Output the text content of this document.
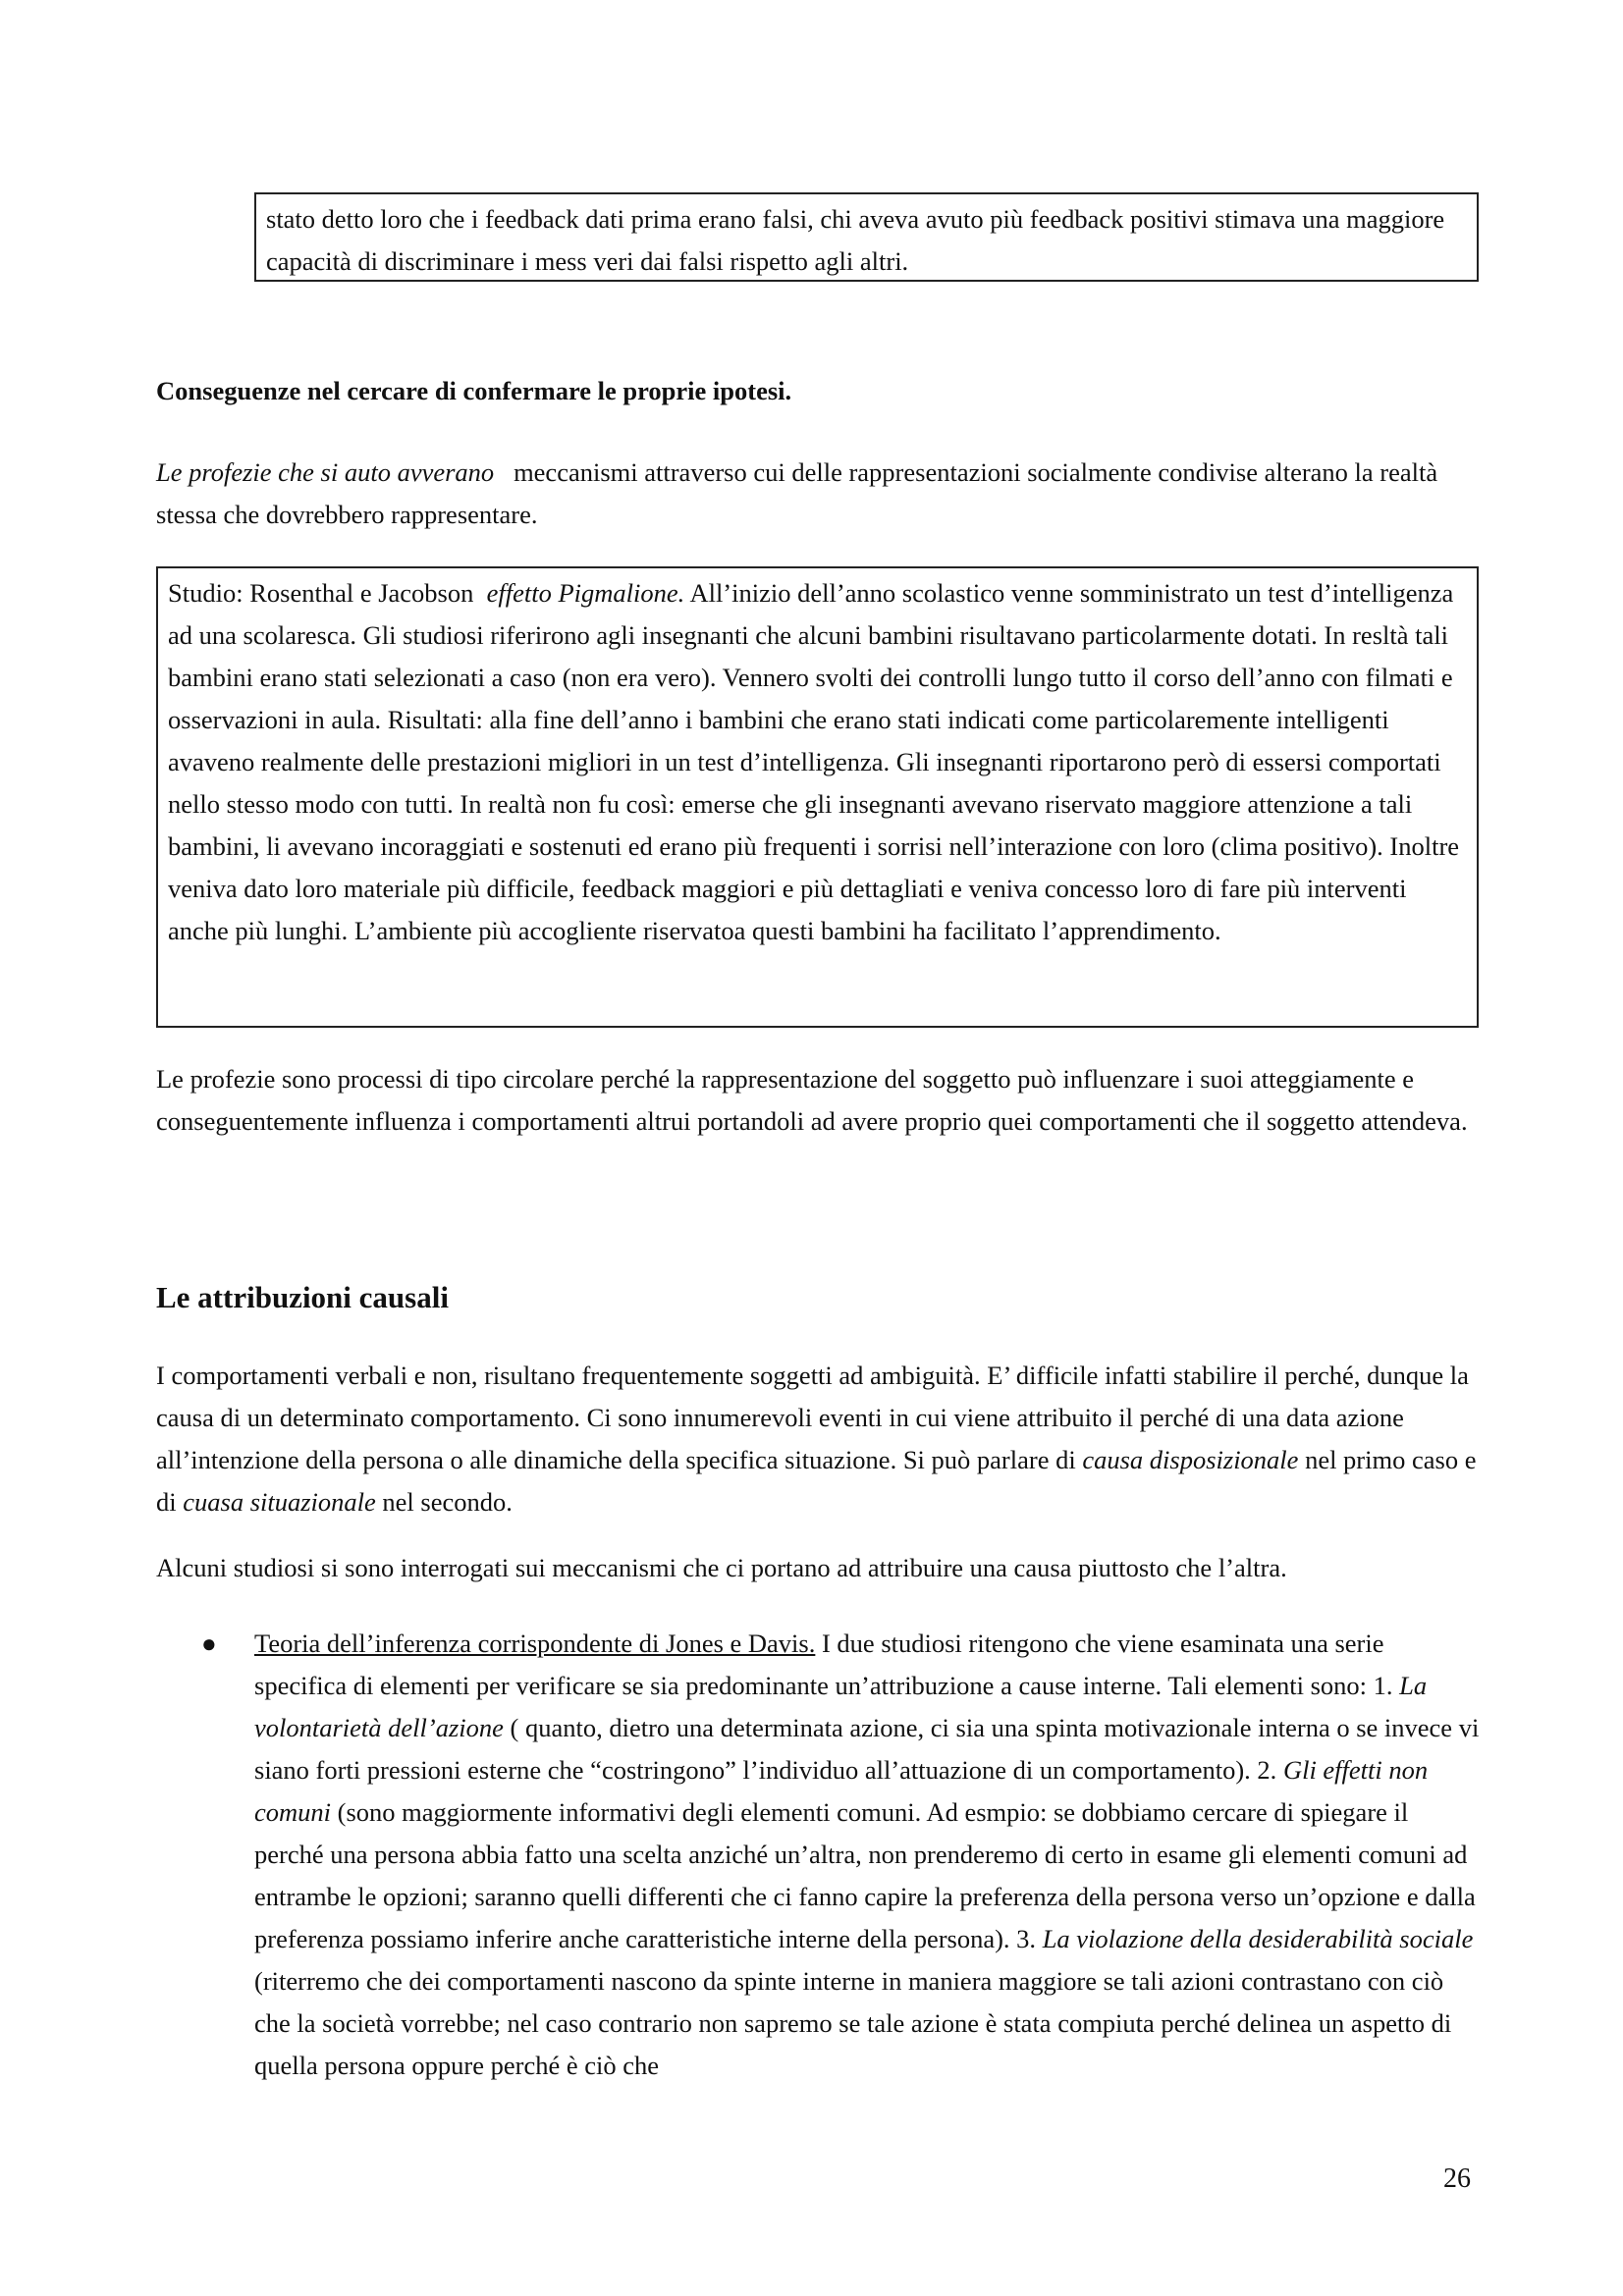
stato detto loro che i feedback dati prima erano falsi, chi aveva avuto più feedback positivi stimava una maggiore capacità di discriminare i mess veri dai falsi rispetto agli altri.
Conseguenze nel cercare di confermare le proprie ipotesi.
Le profezie che si auto avverano meccanismi attraverso cui delle rappresentazioni socialmente condivise alterano la realtà stessa che dovrebbero rappresentare.
Studio: Rosenthal e Jacobson effetto Pigmalione. All’inizio dell’anno scolastico venne somministrato un test d’intelligenza ad una scolaresca. Gli studiosi riferirono agli insegnanti che alcuni bambini risultavano particolarmente dotati. In resltà tali bambini erano stati selezionati a caso (non era vero). Vennero svolti dei controlli lungo tutto il corso dell’anno con filmati e osservazioni in aula. Risultati: alla fine dell’anno i bambini che erano stati indicati come particolaremente intelligenti avaveno realmente delle prestazioni migliori in un test d’intelligenza. Gli insegnanti riportarono però di essersi comportati nello stesso modo con tutti. In realtà non fu così: emerse che gli insegnanti avevano riservato maggiore attenzione a tali bambini, li avevano incoraggiati e sostenuti ed erano più frequenti i sorrisi nell’interazione con loro (clima positivo). Inoltre veniva dato loro materiale più difficile, feedback maggiori e più dettagliati e veniva concesso loro di fare più interventi anche più lunghi. L’ambiente più accogliente riservatoa questi bambini ha facilitato l’apprendimento.
Le profezie sono processi di tipo circolare perché la rappresentazione del soggetto può influenzare i suoi atteggiamente e conseguentemente influenza i comportamenti altrui portandoli ad avere proprio quei comportamenti che il soggetto attendeva.
Le attribuzioni causali
I comportamenti verbali e non, risultano frequentemente soggetti ad ambiguità. E’ difficile infatti stabilire il perché, dunque la causa di un determinato comportamento. Ci sono innumerevoli eventi in cui viene attribuito il perché di una data azione all’intenzione della persona o alle dinamiche della specifica situazione. Si può parlare di causa disposizionale nel primo caso e di cuasa situazionale nel secondo.
Alcuni studiosi si sono interrogati sui meccanismi che ci portano ad attribuire una causa piuttosto che l’altra.
● Teoria dell’inferenza corrispondente di Jones e Davis. I due studiosi ritengono che viene esaminata una serie specifica di elementi per verificare se sia predominante un’attribuzione a cause interne. Tali elementi sono: 1. La volontarietà dell’azione ( quanto, dietro una determinata azione, ci sia una spinta motivazionale interna o se invece vi siano forti pressioni esterne che “costringono” l’individuo all’attuazione di un comportamento). 2. Gli effetti non comuni (sono maggiormente informativi degli elementi comuni. Ad esmpio: se dobbiamo cercare di spiegare il perché una persona abbia fatto una scelta anziché un’altra, non prenderemo di certo in esame gli elementi comuni ad entrambe le opzioni; saranno quelli differenti che ci fanno capire la preferenza della persona verso un’opzione e dalla preferenza possiamo inferire anche caratteristiche interne della persona). 3. La violazione della desiderabilità sociale (riterremo che dei comportamenti nascono da spinte interne in maniera maggiore se tali azioni contrastano con ciò che la società vorrebbe; nel caso contrario non sapremo se tale azione è stata compiuta perché delinea un aspetto di quella persona oppure perché è ciò che
26
